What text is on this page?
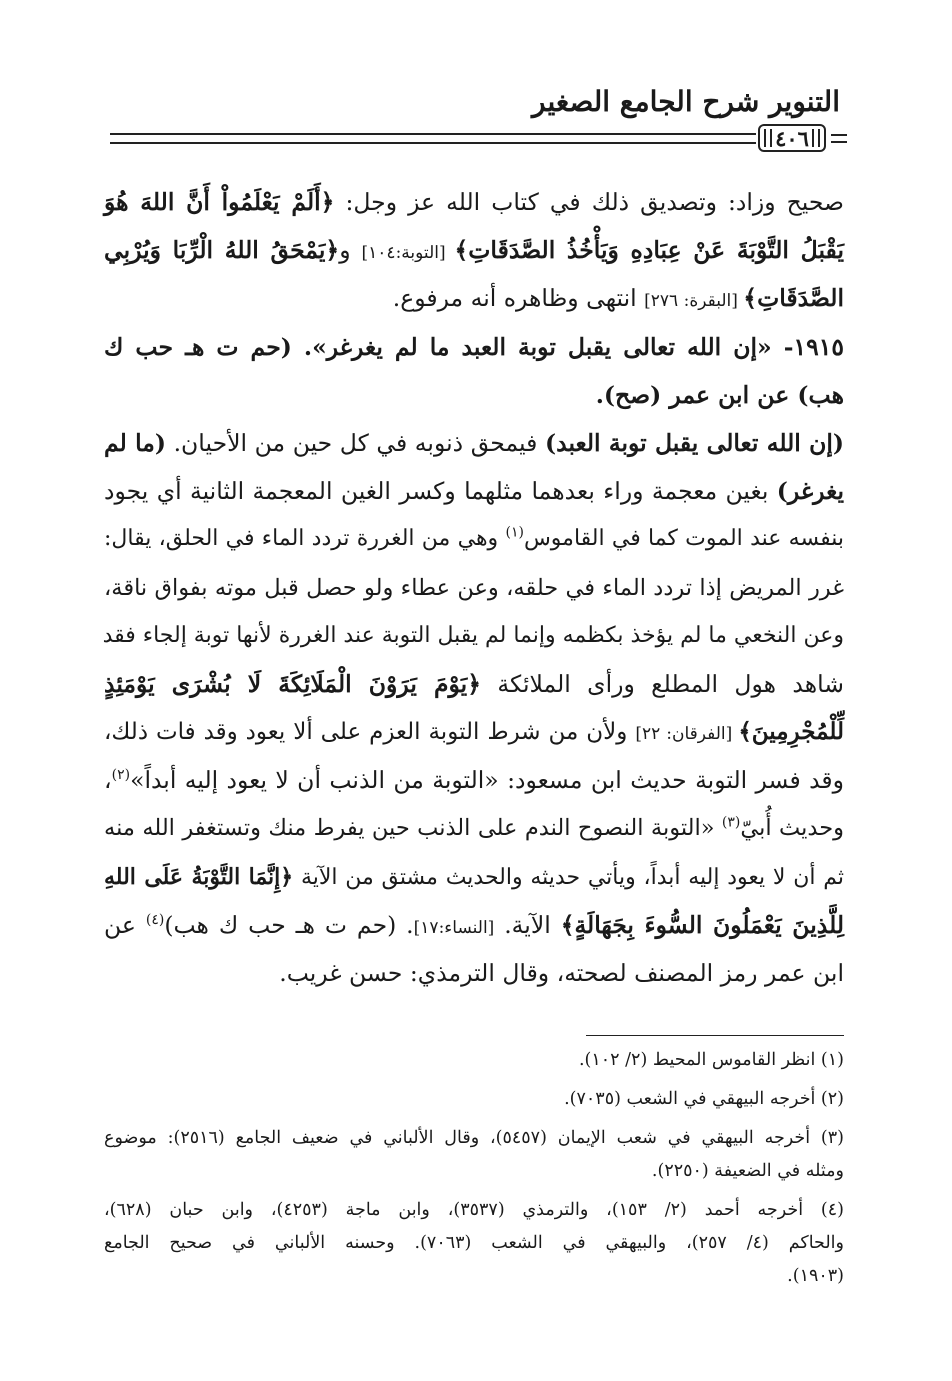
التنوير شرح الجامع الصغير
٤٠٦
صحيح وزاد: وتصديق ذلك في كتاب الله عز وجل: ﴿أَلَمْ يَعْلَمُواْ أَنَّ اللهَ هُوَ
يَقْبَلُ التَّوْبَةَ عَنْ عِبَادِهِ وَيَأْخُذُ الصَّدَقَاتِ﴾ [التوبة:١٠٤] و﴿يَمْحَقُ اللهُ الْرِّبَا وَيُرْبِي
الصَّدَقَاتِ﴾ [البقرة: ٢٧٦] انتهى وظاهره أنه مرفوع.
١٩١٥- «إن الله تعالى يقبل توبة العبد ما لم يغرغر». (حم ت هـ حب ك
هب) عن ابن عمر (صح).
(إن الله تعالى يقبل توبة العبد) فيمحق ذنوبه في كل حين من الأحيان. (ما لم
يغرغر) بغين معجمة وراء بعدهما مثلهما وكسر الغين المعجمة الثانية أي يجود
بنفسه عند الموت كما في القاموس$^{(١)}$ وهي من الغررة تردد الماء في الحلق، يقال:
غرر المريض إذا تردد الماء في حلقه، وعن عطاء ولو حصل قبل موته بفواق ناقة،
وعن النخعي ما لم يؤخذ بكظمه وإنما لم يقبل التوبة عند الغررة لأنها توبة إلجاء فقد
شاهد هول المطلع ورأى الملائكة ﴿يَوْمَ يَرَوْنَ الْمَلَائِكَةَ لَا بُشْرَى يَوْمَئِذٍ
لِّلْمُجْرِمِينَ﴾ [الفرقان: ٢٢] ولأن من شرط التوبة العزم على ألا يعود وقد فات ذلك،
وقد فسر التوبة حديث ابن مسعود: «التوبة من الذنب أن لا يعود إليه أبداً»$^{(٢)}$،
وحديث أُبيّ$^{(٣)}$ «التوبة النصوح الندم على الذنب حين يفرط منك وتستغفر الله منه
ثم أن لا يعود إليه أبداً، ويأتي حديثه والحديث مشتق من الآية ﴿إِنَّمَا التَّوْبَةُ عَلَى اللهِ
لِلَّذِينَ يَعْمَلُونَ السُّوءَ بِجَهَالَةٍ﴾ الآية. [النساء:١٧]. (حم ت هـ حب ك هب)$^{(٤)}$ عن
ابن عمر رمز المصنف لصحته، وقال الترمذي: حسن غريب.
(١) انظر القاموس المحيط (٢/ ١٠٢).
(٢) أخرجه البيهقي في الشعب (٧٠٣٥).
(٣) أخرجه البيهقي في شعب الإيمان (٥٤٥٧)، وقال الألباني في ضعيف الجامع (٢٥١٦): موضوع
ومثله في الضعيفة (٢٢٥٠).
(٤) أخرجه أحمد (٢/ ١٥٣)، والترمذي (٣٥٣٧)، وابن ماجة (٤٢٥٣)، وابن حبان (٦٢٨)،
والحاكم (٤/ ٢٥٧)، والبيهقي في الشعب (٧٠٦٣). وحسنه الألباني في صحيح الجامع
(١٩٠٣).
